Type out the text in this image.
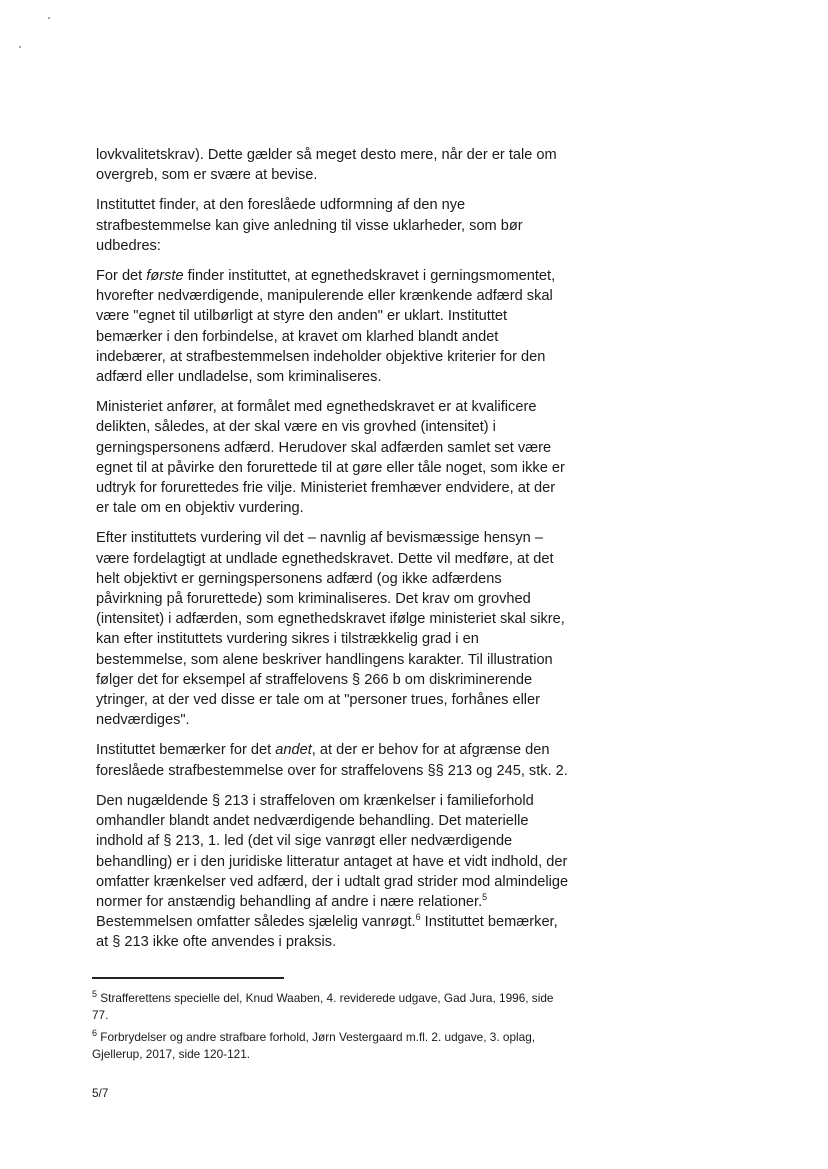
lovkvalitetskrav). Dette gælder så meget desto mere, når der er tale om overgreb, som er svære at bevise.

Instituttet finder, at den foreslåede udformning af den nye strafbestemmelse kan give anledning til visse uklarheder, som bør udbedres:

For det første finder instituttet, at egnethedskravet i gerningsmomentet, hvorefter nedværdigende, manipulerende eller krænkende adfærd skal være "egnet til utilbørligt at styre den anden" er uklart. Instituttet bemærker i den forbindelse, at kravet om klarhed blandt andet indebærer, at strafbestemmelsen indeholder objektive kriterier for den adfærd eller undladelse, som kriminaliseres.

Ministeriet anfører, at formålet med egnethedskravet er at kvalificere delikten, således, at der skal være en vis grovhed (intensitet) i gerningspersonens adfærd. Herudover skal adfærden samlet set være egnet til at påvirke den forurettede til at gøre eller tåle noget, som ikke er udtryk for forurettedes frie vilje. Ministeriet fremhæver endvidere, at der er tale om en objektiv vurdering.

Efter instituttets vurdering vil det – navnlig af bevismæssige hensyn – være fordelagtigt at undlade egnethedskravet. Dette vil medføre, at det helt objektivt er gerningspersonens adfærd (og ikke adfærdens påvirkning på forurettede) som kriminaliseres. Det krav om grovhed (intensitet) i adfærden, som egnethedskravet ifølge ministeriet skal sikre, kan efter instituttets vurdering sikres i tilstrækkelig grad i en bestemmelse, som alene beskriver handlingens karakter. Til illustration følger det for eksempel af straffelovens § 266 b om diskriminerende ytringer, at der ved disse er tale om at "personer trues, forhånes eller nedværdiges".

Instituttet bemærker for det andet, at der er behov for at afgrænse den foreslåede strafbestemmelse over for straffelovens §§ 213 og 245, stk. 2.

Den nugældende § 213 i straffeloven om krænkelser i familieforhold omhandler blandt andet nedværdigende behandling. Det materielle indhold af § 213, 1. led (det vil sige vanrøgt eller nedværdigende behandling) er i den juridiske litteratur antaget at have et vidt indhold, der omfatter krænkelser ved adfærd, der i udtalt grad strider mod almindelige normer for anstændig behandling af andre i nære relationer.$^5$ Bestemmelsen omfatter således sjælelig vanrøgt.$^6$ Instituttet bemærker, at § 213 ikke ofte anvendes i praksis.

$^5$ Strafferettens specielle del, Knud Waaben, 4. reviderede udgave, Gad Jura, 1996, side 77.

$^6$ Forbrydelser og andre strafbare forhold, Jørn Vestergaard m.fl. 2. udgave, 3. oplag, Gjellerup, 2017, side 120-121.

5/7
